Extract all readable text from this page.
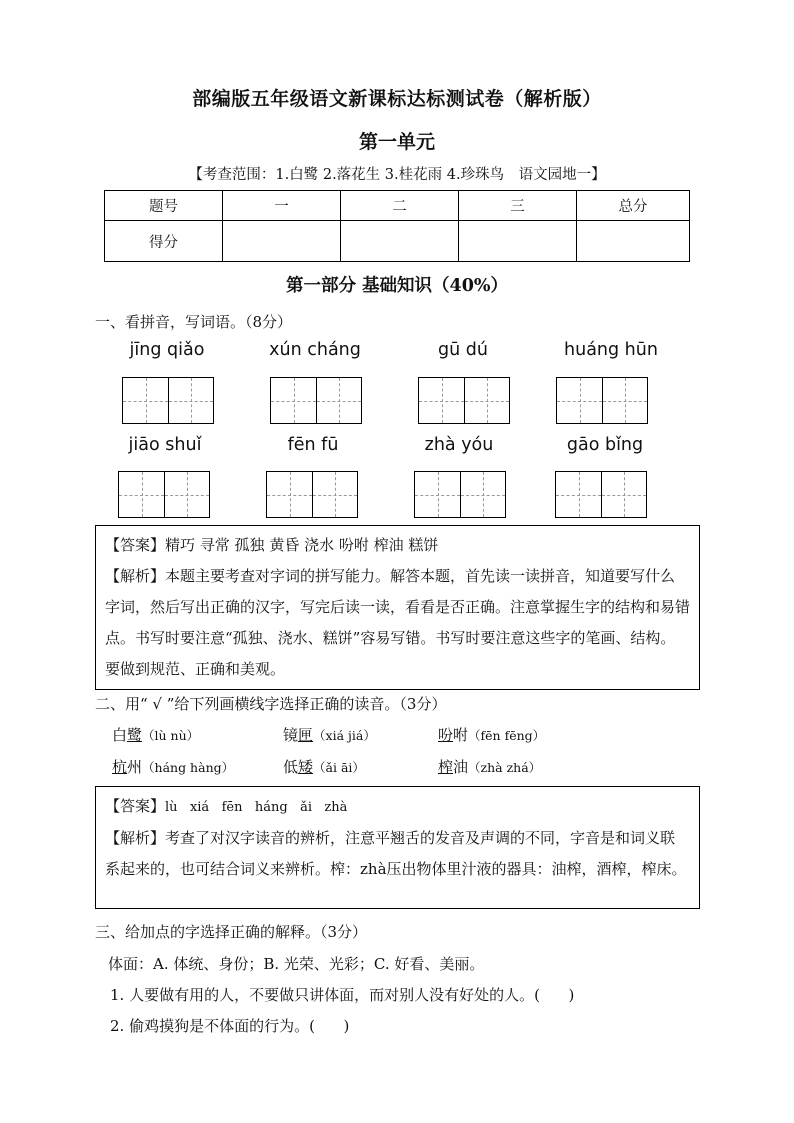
部编版五年级语文新课标达标测试卷（解析版）
第一单元
【考查范围：1.白鹭 2.落花生 3.桂花雨 4.珍珠鸟　语文园地一】
题号	一	二	三	总分
得分				
第一部分 基础知识（40%）
一、看拼音，写词语。（8分）
jīng qiǎo	xún cháng	gū dú	huáng hūn
jiāo shuǐ	fēn fū	zhà yóu	gāo bǐng

【答案】精巧 寻常 孤独 黄昏 浇水 吩咐 榨油 糕饼

【解析】本题主要考查对字词的拼写能力。解答本题，首先读一读拼音，知道要写什么字词，然后写出正确的汉字，写完后读一读，看看是否正确。注意掌握生字的结构和易错点。书写时要注意“孤独、浇水、糕饼”容易写错。书写时要注意这些字的笔画、结构。要做到规范、正确和美观。

二、用“ √ ”给下列画横线字选择正确的读音。（3分）
白鹭（lù nù）	镜匣（xiá jiá）	吩咐（fēn fēng）
杭州（háng hàng）	低矮（ǎi āi）	榨油（zhà zhá）

【答案】lù   xiá   fēn   háng   ǎi   zhà

【解析】考查了对汉字读音的辨析，注意平翘舌的发音及声调的不同，字音是和词义联系起来的，也可结合词义来辨析。榨：zhà压出物体里汁液的器具：油榨，酒榨，榨床。

三、给加点的字选择正确的解释。（3分）
体面：A. 体统、身份；B. 光荣、光彩；C. 好看、美丽。
1. 人要做有用的人，不要做只讲体面，而对别人没有好处的人。(      )
2. 偷鸡摸狗是不体面的行为。(      )
